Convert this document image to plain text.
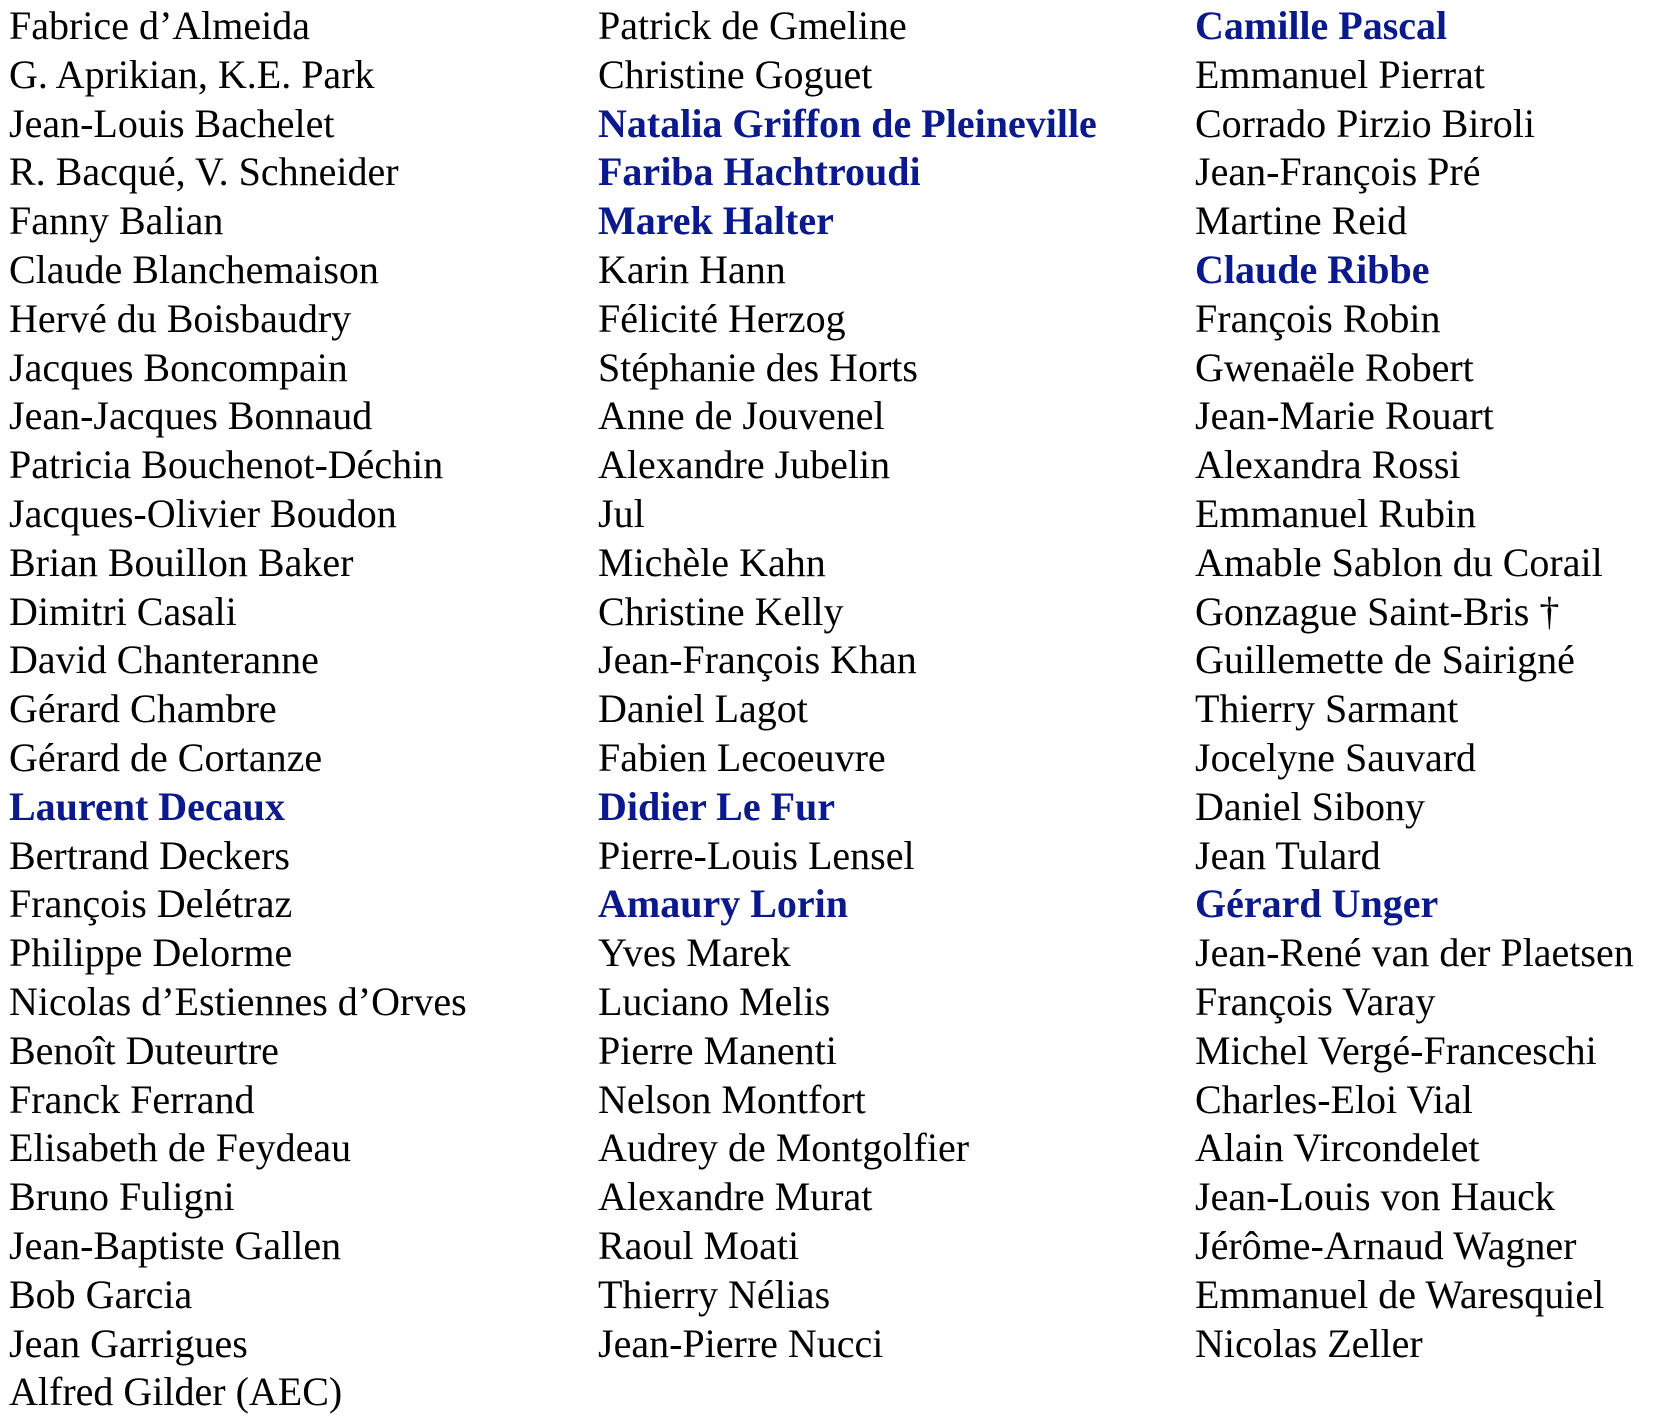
Fabrice d’Almeida
G. Aprikian, K.E. Park
Jean-Louis Bachelet
R. Bacqué, V. Schneider
Fanny Balian
Claude Blanchemaison
Hervé du Boisbaudry
Jacques Boncompain
Jean-Jacques Bonnaud
Patricia Bouchenot-Déchin
Jacques-Olivier Boudon
Brian Bouillon Baker
Dimitri Casali
David Chanteranne
Gérard Chambre
Gérard de Cortanze
Laurent Decaux
Bertrand Deckers
François Delétraz
Philippe Delorme
Nicolas d’Estiennes d’Orves
Benoît Duteurtre
Franck Ferrand
Elisabeth de Feydeau
Bruno Fuligni
Jean-Baptiste Gallen
Bob Garcia
Jean Garrigues
Alfred Gilder (AEC)
Patrick de Gmeline
Christine Goguet
Natalia Griffon de Pleineville
Fariba Hachtroudi
Marek Halter
Karin Hann
Félicité Herzog
Stéphanie des Horts
Anne de Jouvenel
Alexandre Jubelin
Jul
Michèle Kahn
Christine Kelly
Jean-François Khan
Daniel Lagot
Fabien Lecoeuvre
Didier Le Fur
Pierre-Louis Lensel
Amaury Lorin
Yves Marek
Luciano Melis
Pierre Manenti
Nelson Montfort
Audrey de Montgolfier
Alexandre Murat
Raoul Moati
Thierry Nélias
Jean-Pierre Nucci
Camille Pascal
Emmanuel Pierrat
Corrado Pirzio Biroli
Jean-François Pré
Martine Reid
Claude Ribbe
François Robin
Gwenaële Robert
Jean-Marie Rouart
Alexandra Rossi
Emmanuel Rubin
Amable Sablon du Corail
Gonzague Saint-Bris †
Guillemette de Sairigné
Thierry Sarmant
Jocelyne Sauvard
Daniel Sibony
Jean Tulard
Gérard Unger
Jean-René van der Plaetsen
François Varay
Michel Vergé-Franceschi
Charles-Eloi Vial
Alain Vircondelet
Jean-Louis von Hauck
Jérôme-Arnaud Wagner
Emmanuel de Waresquiel
Nicolas Zeller
